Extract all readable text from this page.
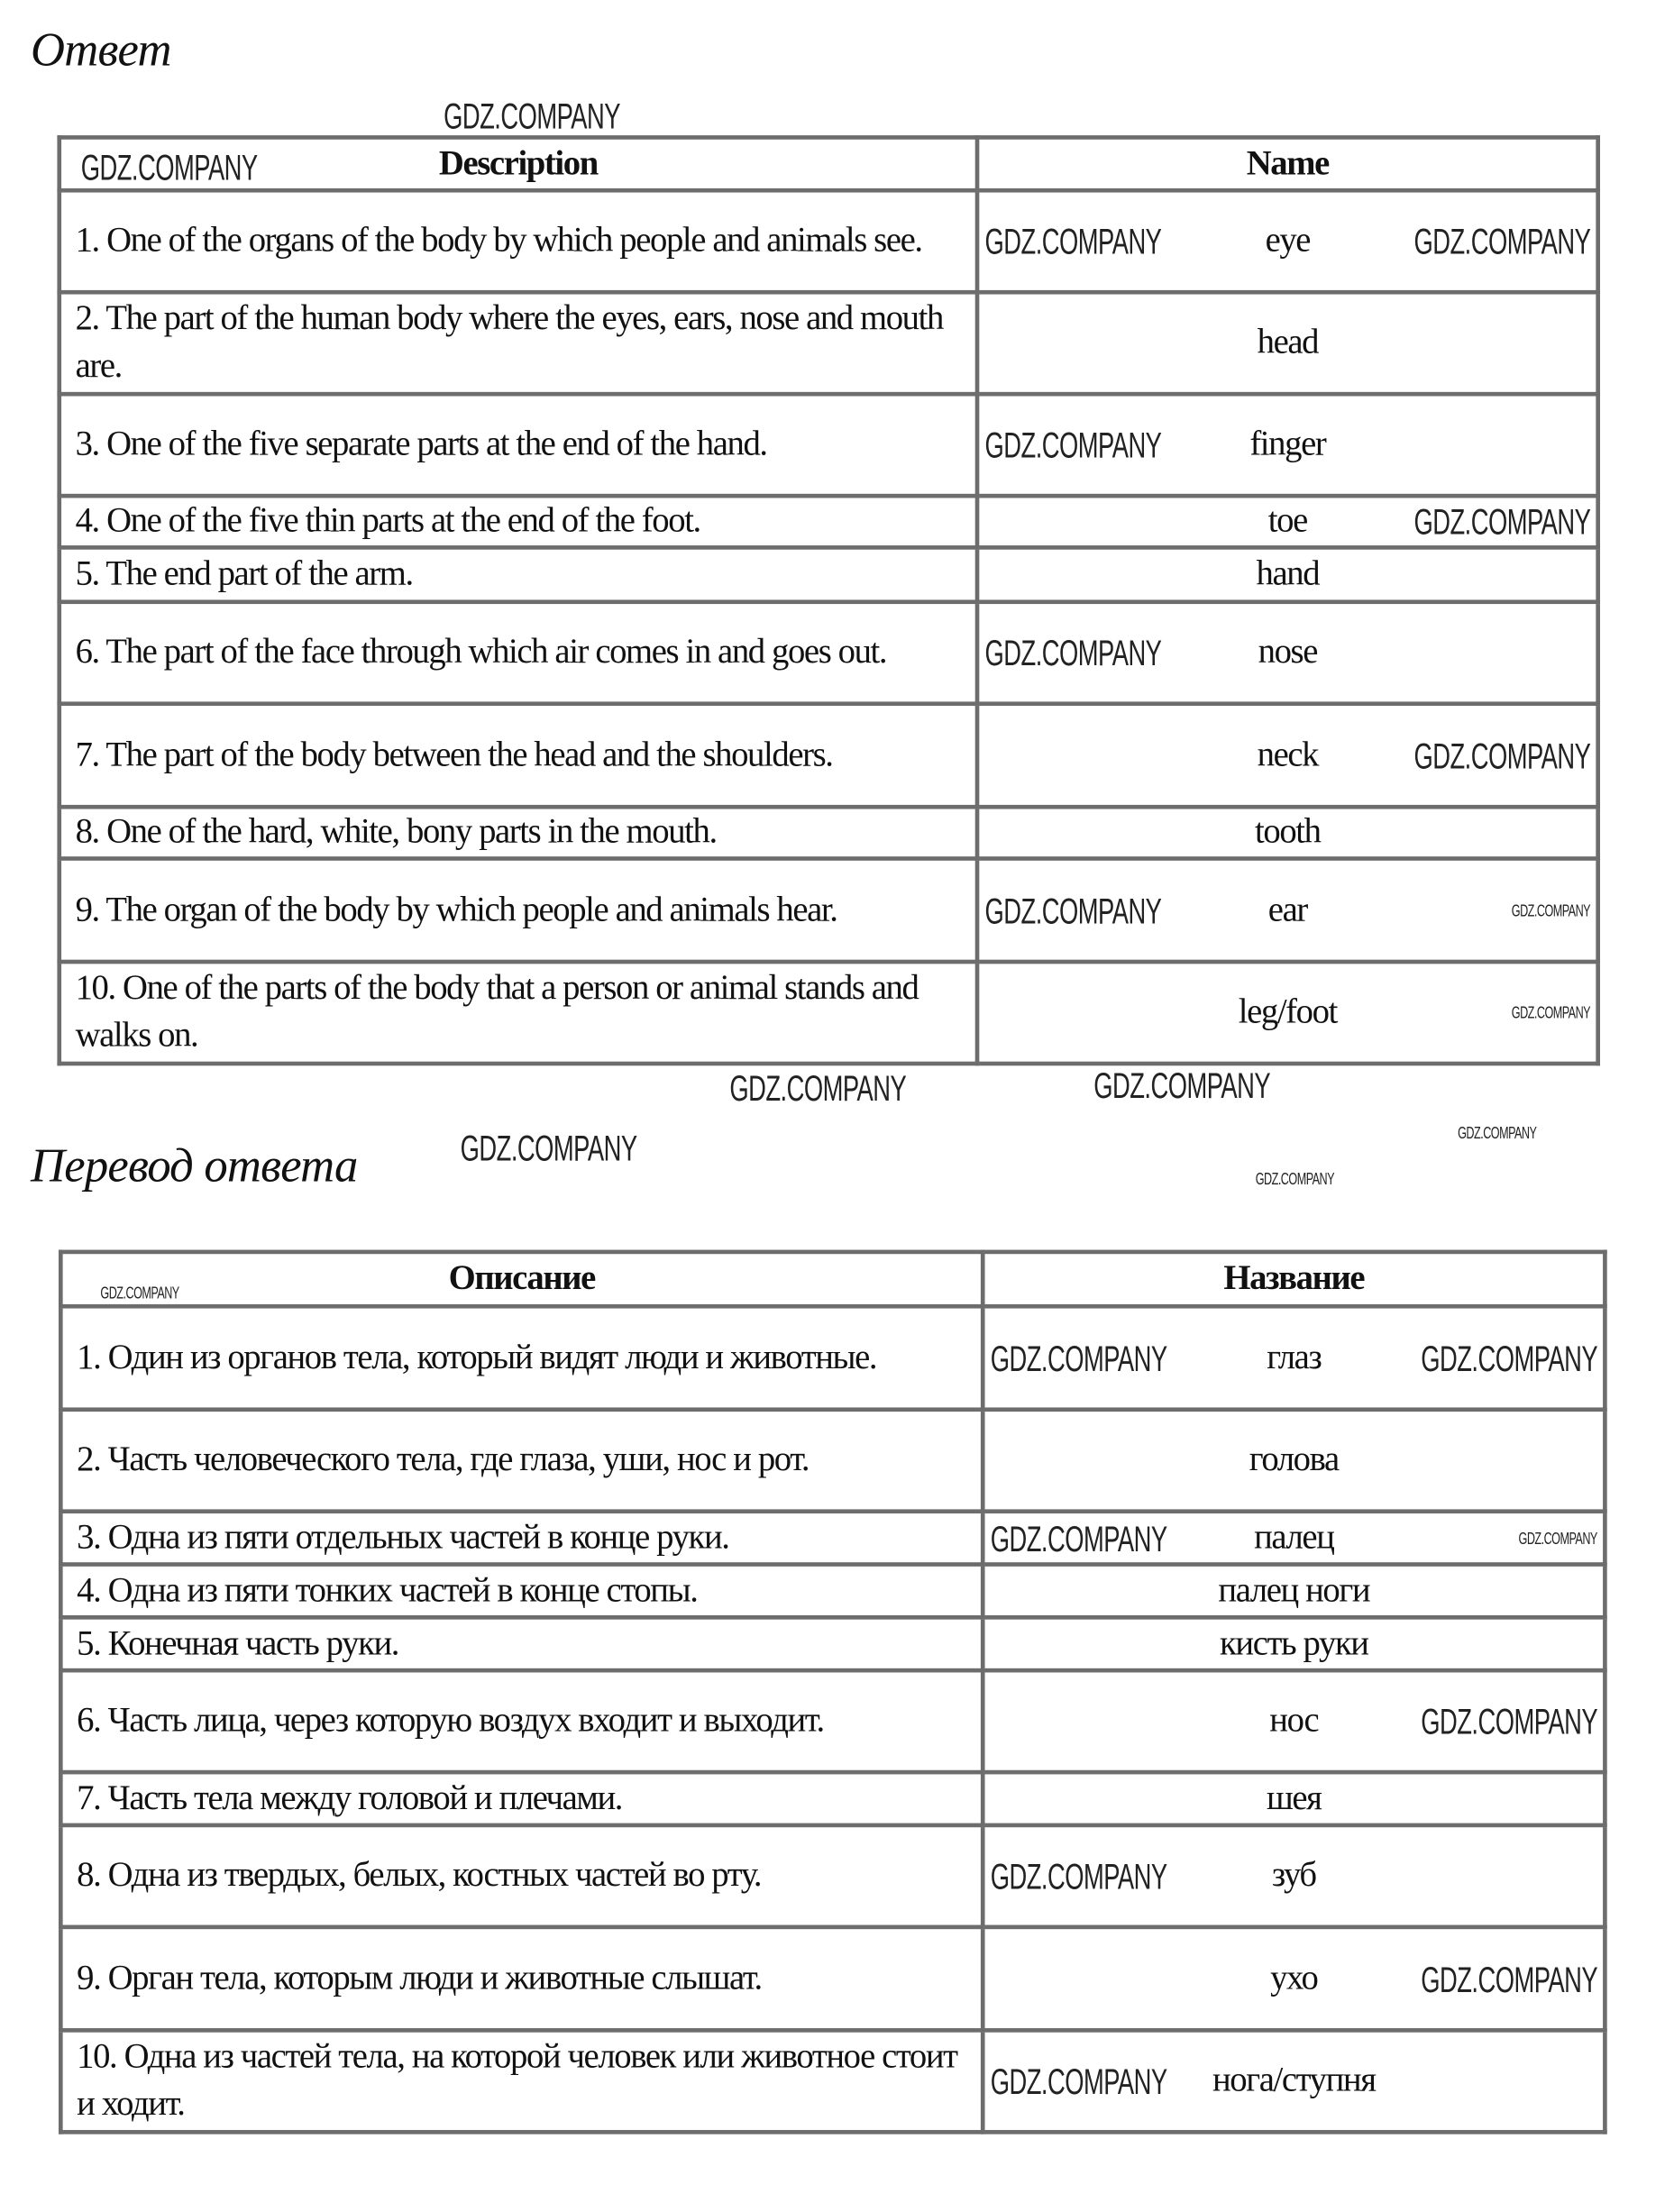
Ответ
Description	Name
1. One of the organs of the body by which people and animals see.	eye
GDZ.COMPANY GDZ.COMPANY

2. The part of the human body where the eyes, ears, nose and mouth are.	head

3. One of the five separate parts at the end of the hand.	finger
GDZ.COMPANY

4. One of the five thin parts at the end of the foot.	toe GDZ.COMPANY

5. The end part of the arm.	hand

6. The part of the face through which air comes in and goes out.	nose
GDZ.COMPANY

7. The part of the body between the head and the shoulders.	neck GDZ.COMPANY

8. One of the hard, white, bony parts in the mouth.	tooth

9. The organ of the body by which people and animals hear.	ear
GDZ.COMPANY GDZ.COMPANY

10. One of the parts of the body that a person or animal stands and walks on.	leg/foot GDZ.COMPANY
Перевод ответа
Описание	Название
1. Один из органов тела, который видят люди и животные.	глаз
GDZ.COMPANY GDZ.COMPANY

2. Часть человеческого тела, где глаза, уши, нос и рот.	голова

3. Одна из пяти отдельных частей в конце руки.	палец
GDZ.COMPANY GDZ.COMPANY

4. Одна из пяти тонких частей в конце стопы.	палец ноги

5. Конечная часть руки.	кисть руки

6. Часть лица, через которую воздух входит и выходит.	нос GDZ.COMPANY

7. Часть тела между головой и плечами.	шея

8. Одна из твердых, белых, костных частей во рту.	зуб
GDZ.COMPANY

9. Орган тела, которым люди и животные слышат.	ухо GDZ.COMPANY

10. Одна из частей тела, на которой человек или животное стоит и ходит.	нога/ступня
GDZ.COMPANY
GDZ.COMPANY
GDZ.COMPANY
GDZ.COMPANY	GDZ.COMPANY
GDZ.COMPANY	GDZ.COMPANY
GDZ.COMPANY
GDZ.COMPANY
